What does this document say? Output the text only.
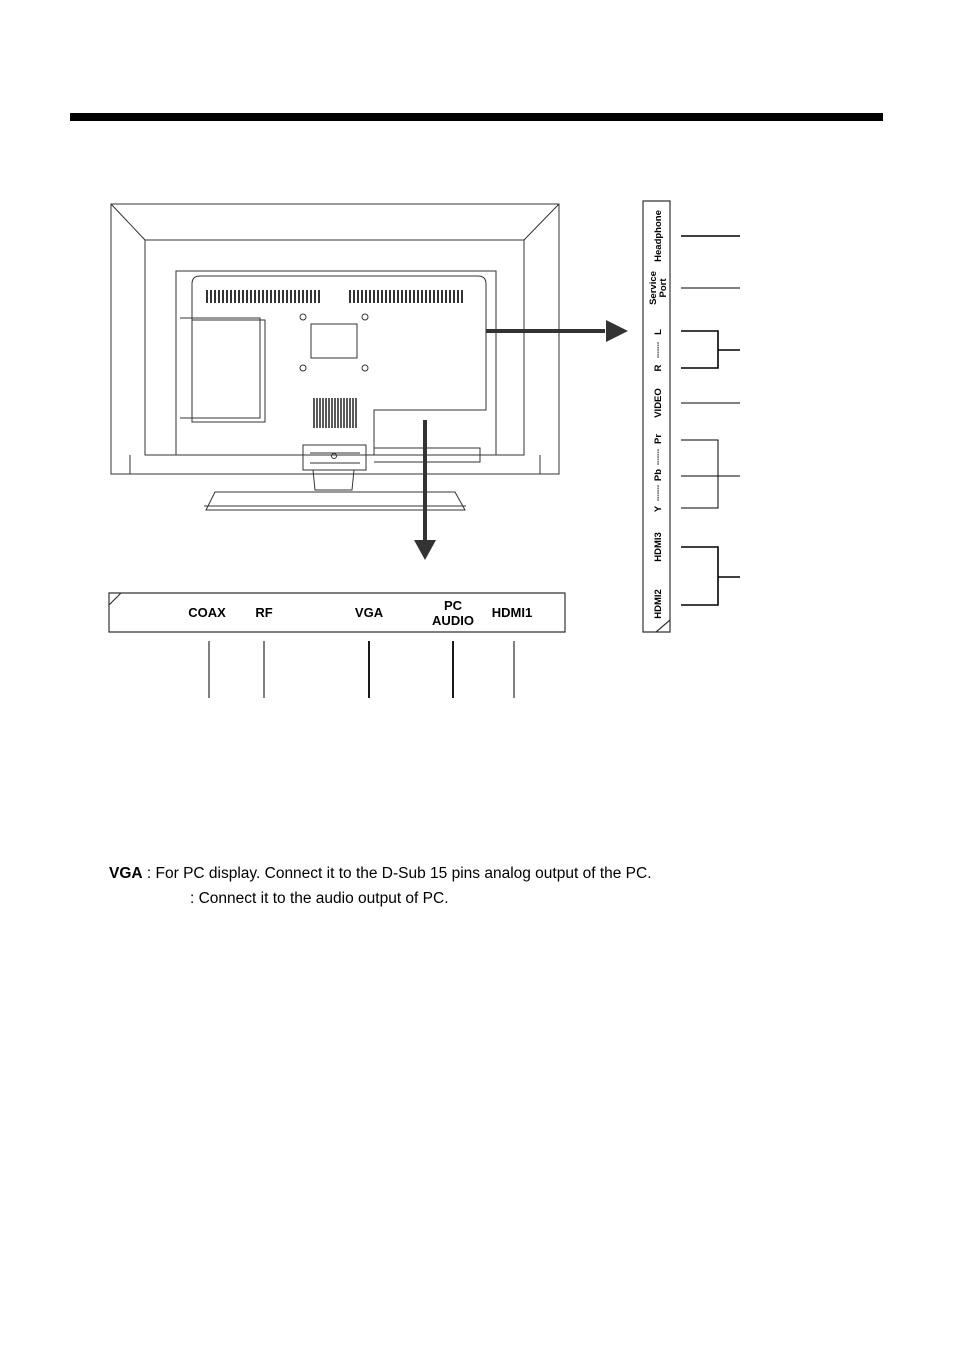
COAX RF	VGA	PC
AUDIO
HDMI1
Headphone
Service Port
L
-------
R
VIDEO
Pr
-------
Pb
-------
Y
HDMI3
HDMI2
VGA : For PC display. Connect it to the D-Sub 15 pins analog output of the PC.
: Connect it to the audio output of PC.
